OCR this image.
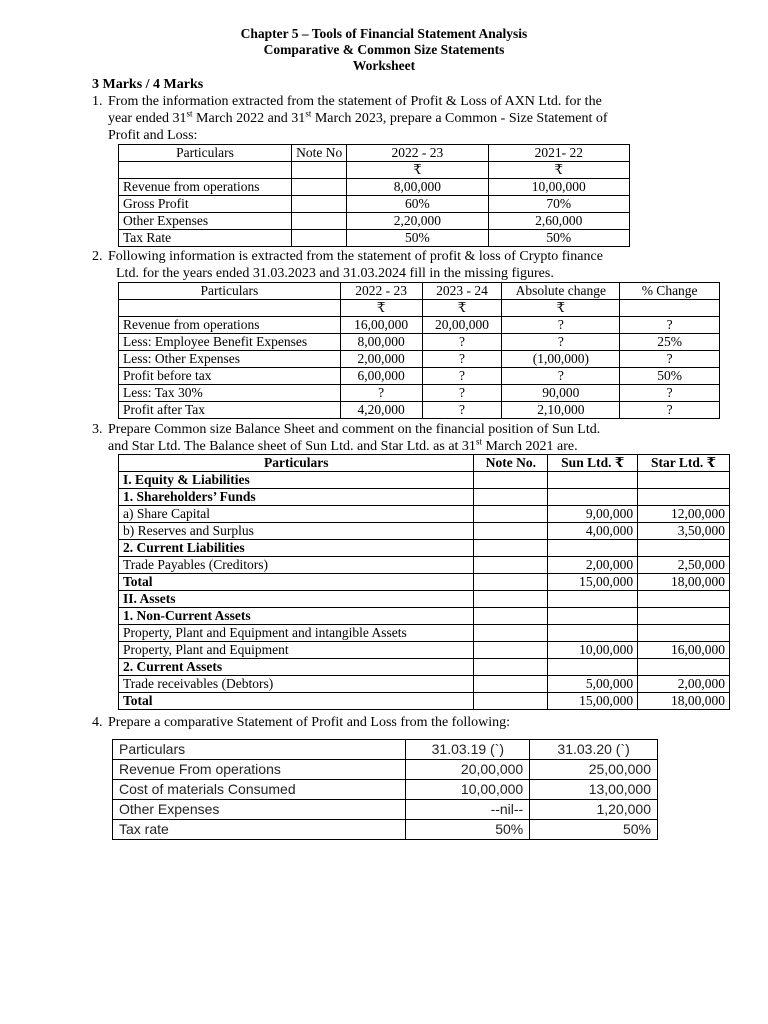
Chapter 5 – Tools of Financial Statement Analysis
Comparative & Common Size Statements
Worksheet
3 Marks / 4 Marks
1. From the information extracted from the statement of Profit & Loss of AXN Ltd. for the
year ended 31st March 2022 and 31st March 2023, prepare a Common - Size Statement of
Profit and Loss:
Particulars	Note No	2022 - 23	2021- 22
		₹	₹
Revenue from operations		8,00,000	10,00,000
Gross Profit		60%	70%
Other Expenses		2,20,000	2,60,000
Tax Rate		50%	50%
2. Following information is extracted from the statement of profit & loss of Crypto finance
Ltd. for the years ended 31.03.2023 and 31.03.2024 fill in the missing figures.
Particulars	2022 - 23	2023 - 24	Absolute change	% Change
	₹	₹	₹	
Revenue from operations	16,00,000	20,00,000	?	?
Less: Employee Benefit Expenses	8,00,000	?	?	25%
Less: Other Expenses	2,00,000	?	(1,00,000)	?
Profit before tax	6,00,000	?	?	50%
Less: Tax 30%	?	?	90,000	?
Profit after Tax	4,20,000	?	2,10,000	?
3. Prepare Common size Balance Sheet and comment on the financial position of Sun Ltd.
and Star Ltd. The Balance sheet of Sun Ltd. and Star Ltd. as at 31st March 2021 are.
Particulars	Note No.	Sun Ltd. ₹	Star Ltd. ₹
I. Equity & Liabilities			
1. Shareholders’ Funds			
a) Share Capital		9,00,000	12,00,000
b) Reserves and Surplus		4,00,000	3,50,000
2. Current Liabilities			
Trade Payables (Creditors)		2,00,000	2,50,000
Total		15,00,000	18,00,000
II. Assets			
1. Non-Current Assets			
Property, Plant and Equipment and intangible Assets			
Property, Plant and Equipment		10,00,000	16,00,000
2. Current Assets			
Trade receivables (Debtors)		5,00,000	2,00,000
Total		15,00,000	18,00,000
4. Prepare a comparative Statement of Profit and Loss from the following:
Particulars	31.03.19 (`)	31.03.20 (`)
Revenue From operations	20,00,000	25,00,000
Cost of materials Consumed	10,00,000	13,00,000
Other Expenses	--nil--	1,20,000
Tax rate	50%	50%
